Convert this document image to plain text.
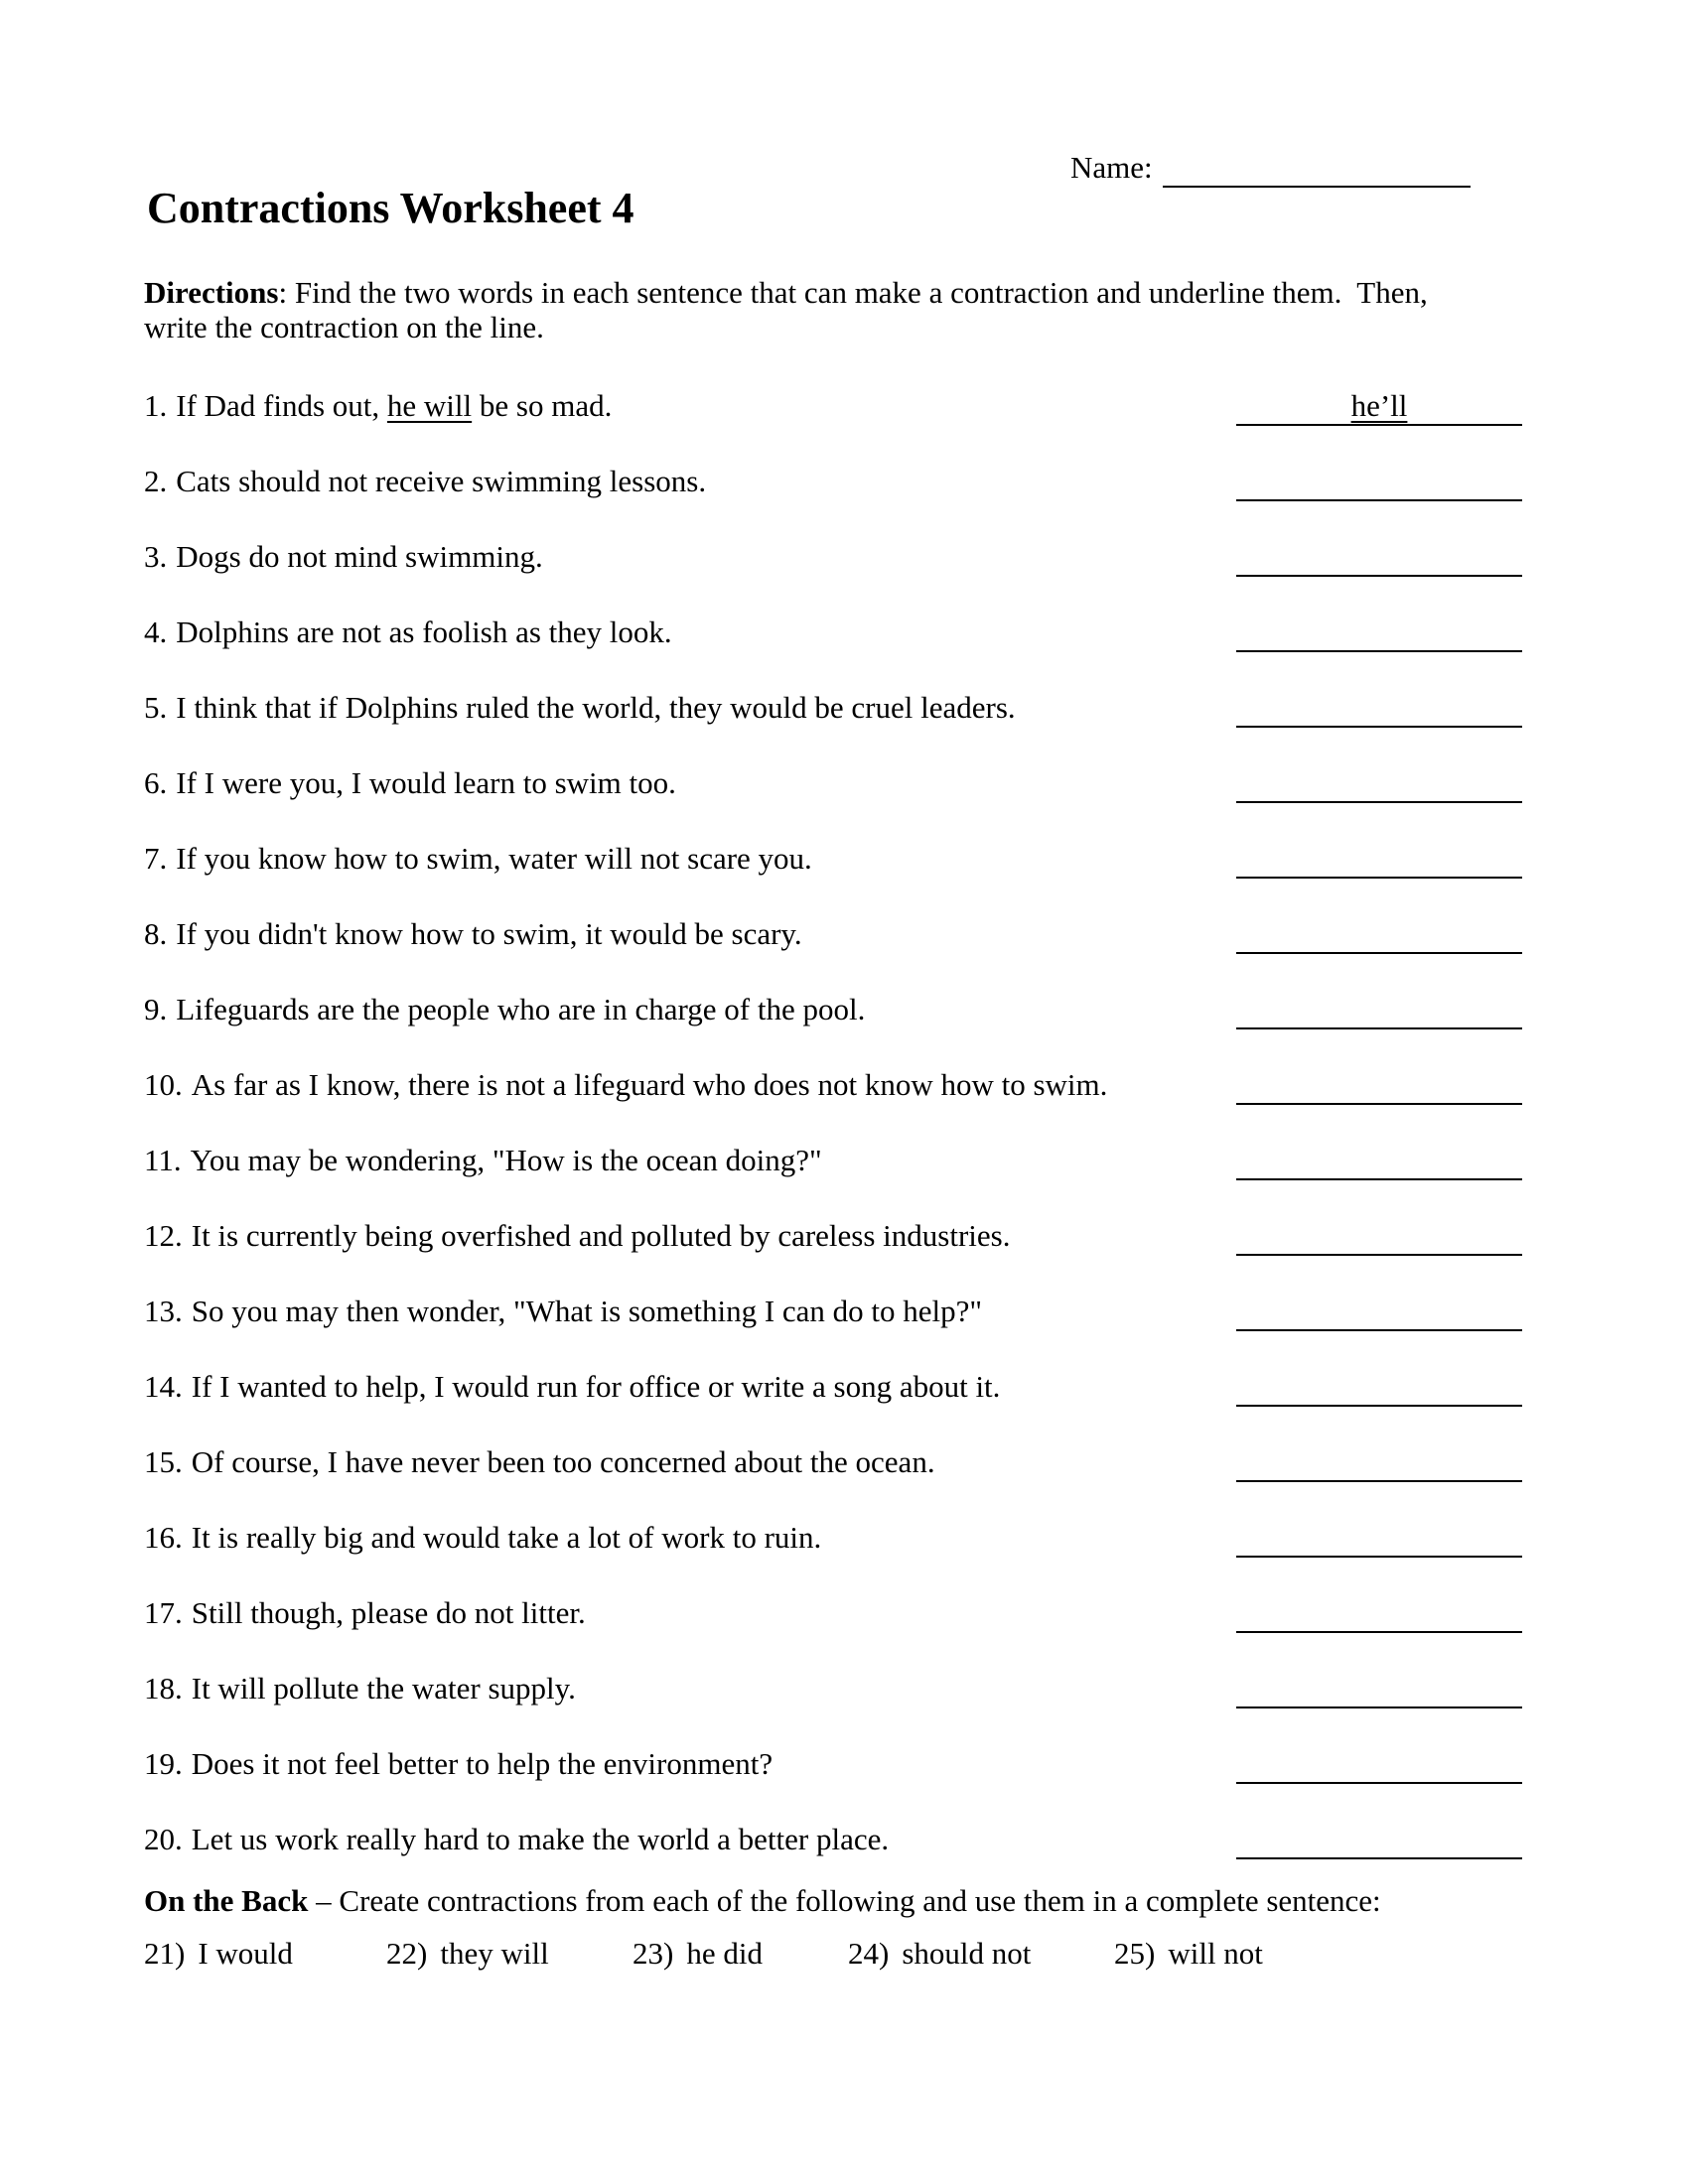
Name:

Contractions Worksheet 4
Directions: Find the two words in each sentence that can make a contraction and underline them.  Then,
write the contraction on the line.
1. If Dad finds out, he will be so mad.	he’ll
2. Cats should not receive swimming lessons.

3. Dogs do not mind swimming.

4. Dolphins are not as foolish as they look.

5. I think that if Dolphins ruled the world, they would be cruel leaders.

6. If I were you, I would learn to swim too.

7. If you know how to swim, water will not scare you.

8. If you didn't know how to swim, it would be scary.

9. Lifeguards are the people who are in charge of the pool.

10. As far as I know, there is not a lifeguard who does not know how to swim.

11. You may be wondering, "How is the ocean doing?"

12. It is currently being overfished and polluted by careless industries.

13. So you may then wonder, "What is something I can do to help?"

14. If I wanted to help, I would run for office or write a song about it.

15. Of course, I have never been too concerned about the ocean.

16. It is really big and would take a lot of work to ruin.

17. Still though, please do not litter.

18. It will pollute the water supply.

19. Does it not feel better to help the environment?

20. Let us work really hard to make the world a better place.

On the Back – Create contractions from each of the following and use them in a complete sentence:
21) I would	22) they will	23) he did	24) should not	25) will not
